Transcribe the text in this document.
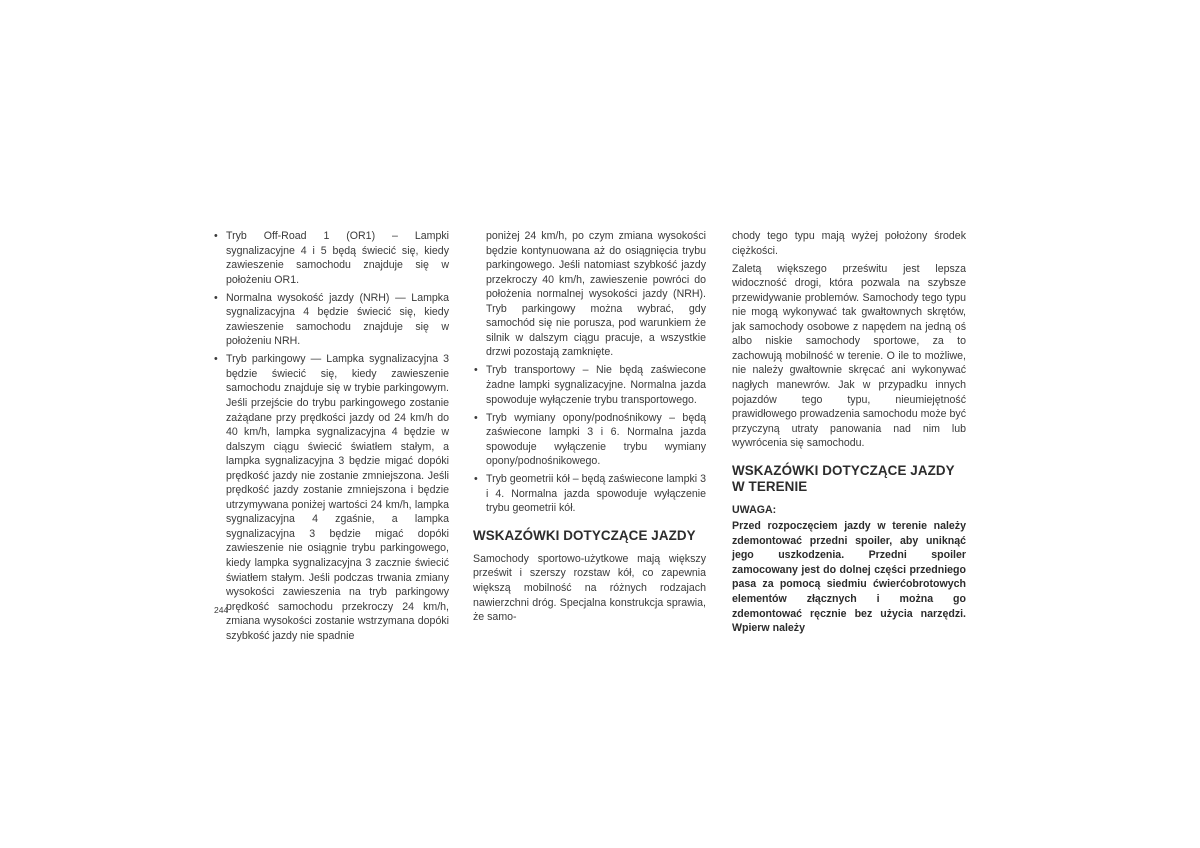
• Tryb Off-Road 1 (OR1) – Lampki sygnalizacyjne 4 i 5 będą świecić się, kiedy zawieszenie samochodu znajduje się w położeniu OR1.
• Normalna wysokość jazdy (NRH) — Lampka sygnalizacyjna 4 będzie świecić się, kiedy zawieszenie samochodu znajduje się w położeniu NRH.
• Tryb parkingowy — Lampka sygnalizacyjna 3 będzie świecić się, kiedy zawieszenie samochodu znajduje się w trybie parkingowym. Jeśli przejście do trybu parkingowego zostanie zażądane przy prędkości jazdy od 24 km/h do 40 km/h, lampka sygnalizacyjna 4 będzie w dalszym ciągu świecić światłem stałym, a lampka sygnalizacyjna 3 będzie migać dopóki prędkość jazdy nie zostanie zmniejszona. Jeśli prędkość jazdy zostanie zmniejszona i będzie utrzymywana poniżej wartości 24 km/h, lampka sygnalizacyjna 4 zgaśnie, a lampka sygnalizacyjna 3 będzie migać dopóki zawieszenie nie osiągnie trybu parkingowego, kiedy lampka sygnalizacyjna 3 zacznie świecić światłem stałym. Jeśli podczas trwania zmiany wysokości zawieszenia na tryb parkingowy prędkość samochodu przekroczy 24 km/h, zmiana wysokości zostanie wstrzymana dopóki szybkość jazdy nie spadnie

poniżej 24 km/h, po czym zmiana wysokości będzie kontynuowana aż do osiągnięcia trybu parkingowego. Jeśli natomiast szybkość jazdy przekroczy 40 km/h, zawieszenie powróci do położenia normalnej wysokości jazdy (NRH). Tryb parkingowy można wybrać, gdy samochód się nie porusza, pod warunkiem że silnik w dalszym ciągu pracuje, a wszystkie drzwi pozostają zamknięte.

• Tryb transportowy – Nie będą zaświecone żadne lampki sygnalizacyjne. Normalna jazda spowoduje wyłączenie trybu transportowego.
• Tryb wymiany opony/podnośnikowy – będą zaświecone lampki 3 i 6. Normalna jazda spowoduje wyłączenie trybu wymiany opony/podnośnikowego.
• Tryb geometrii kół – będą zaświecone lampki 3 i 4. Normalna jazda spowoduje wyłączenie trybu geometrii kół.
WSKAZÓWKI DOTYCZĄCE JAZDY

Samochody sportowo-użytkowe mają większy prześwit i szerszy rozstaw kół, co zapewnia większą mobilność na różnych rodzajach nawierzchni dróg. Specjalna konstrukcja sprawia, że samo-

chody tego typu mają wyżej położony środek ciężkości.

Zaletą większego prześwitu jest lepsza widoczność drogi, która pozwala na szybsze przewidywanie problemów. Samochody tego typu nie mogą wykonywać tak gwałtownych skrętów, jak samochody osobowe z napędem na jedną oś albo niskie samochody sportowe, za to zachowują mobilność w terenie. O ile to możliwe, nie należy gwałtownie skręcać ani wykonywać nagłych manewrów. Jak w przypadku innych pojazdów tego typu, nieumiejętność prawidłowego prowadzenia samochodu może być przyczyną utraty panowania nad nim lub wywrócenia się samochodu.

WSKAZÓWKI DOTYCZĄCE JAZDY
W TERENIE

UWAGA:

Przed rozpoczęciem jazdy w terenie należy zdemontować przedni spoiler, aby uniknąć jego uszkodzenia. Przedni spoiler zamocowany jest do dolnej części przedniego pasa za pomocą siedmiu ćwierćobrotowych elementów złącznych i można go zdemontować ręcznie bez użycia narzędzi. Wpierw należy

244
